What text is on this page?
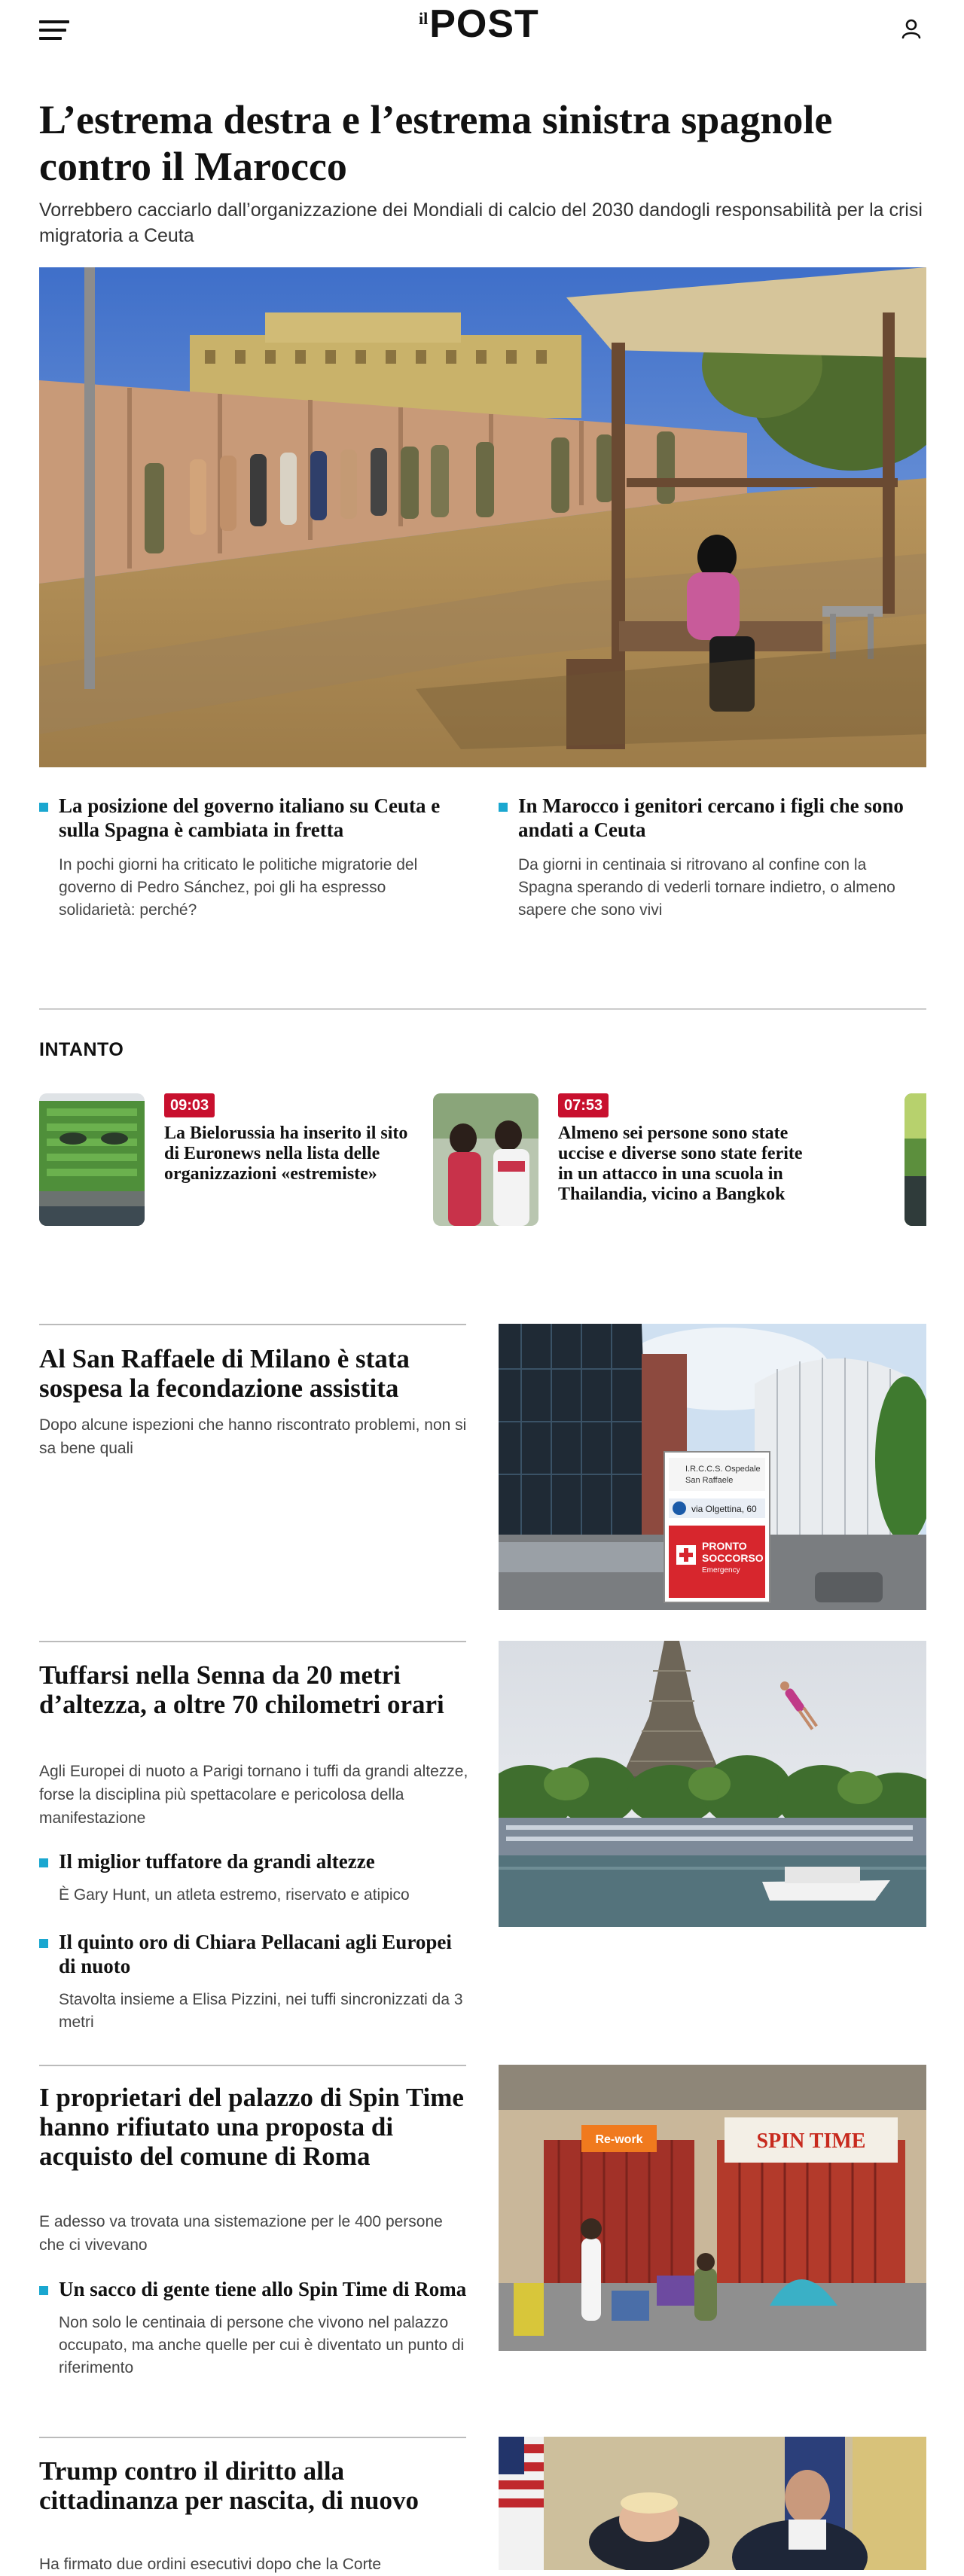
il POST
L’estrema destra e l’estrema sinistra spagnole contro il Marocco

Vorrebbero cacciarlo dall’organizzazione dei Mondiali di calcio del 2030 dandogli responsabilità per la crisi migratoria a Ceuta

La posizione del governo italiano su Ceuta e sulla Spagna è cambiata in fretta
In pochi giorni ha criticato le politiche migratorie del governo di Pedro Sánchez, poi gli ha espresso solidarietà: perché?
In Marocco i genitori cercano i figli che sono andati a Ceuta
Da giorni in centinaia si ritrovano al confine con la Spagna sperando di vederli tornare indietro, o almeno sapere che sono vivi
INTANTO
09:03
La Bielorussia ha inserito il sito di Euronews nella lista delle organizzazioni «estremiste»
07:53
Almeno sei persone sono state uccise e diverse sono state ferite in un attacco in una scuola in Thailandia, vicino a Bangkok
Al San Raffaele di Milano è stata sospesa la fecondazione assistita

Dopo alcune ispezioni che hanno riscontrato problemi, non si sa bene quali

I.R.C.C.S. Ospedale
San Raffaele
via Olgettina, 60
PRONTO
SOCCORSO
Emergency
Tuffarsi nella Senna da 20 metri d’altezza, a oltre 70 chilometri orari

Agli Europei di nuoto a Parigi tornano i tuffi da grandi altezze, forse la disciplina più spettacolare e pericolosa della manifestazione

Il miglior tuffatore da grandi altezze
È Gary Hunt, un atleta estremo, riservato e atipico
Il quinto oro di Chiara Pellacani agli Europei di nuoto
Stavolta insieme a Elisa Pizzini, nei tuffi sincronizzati da 3 metri
I proprietari del palazzo di Spin Time hanno rifiutato una proposta di acquisto del comune di Roma

E adesso va trovata una sistemazione per le 400 persone che ci vivevano

Re-work	SPIN TIME
Un sacco di gente tiene allo Spin Time di Roma
Non solo le centinaia di persone che vivono nel palazzo occupato, ma anche quelle per cui è diventato un punto di riferimento
Trump contro il diritto alla cittadinanza per nascita, di nuovo

Ha firmato due ordini esecutivi dopo che la Corte
